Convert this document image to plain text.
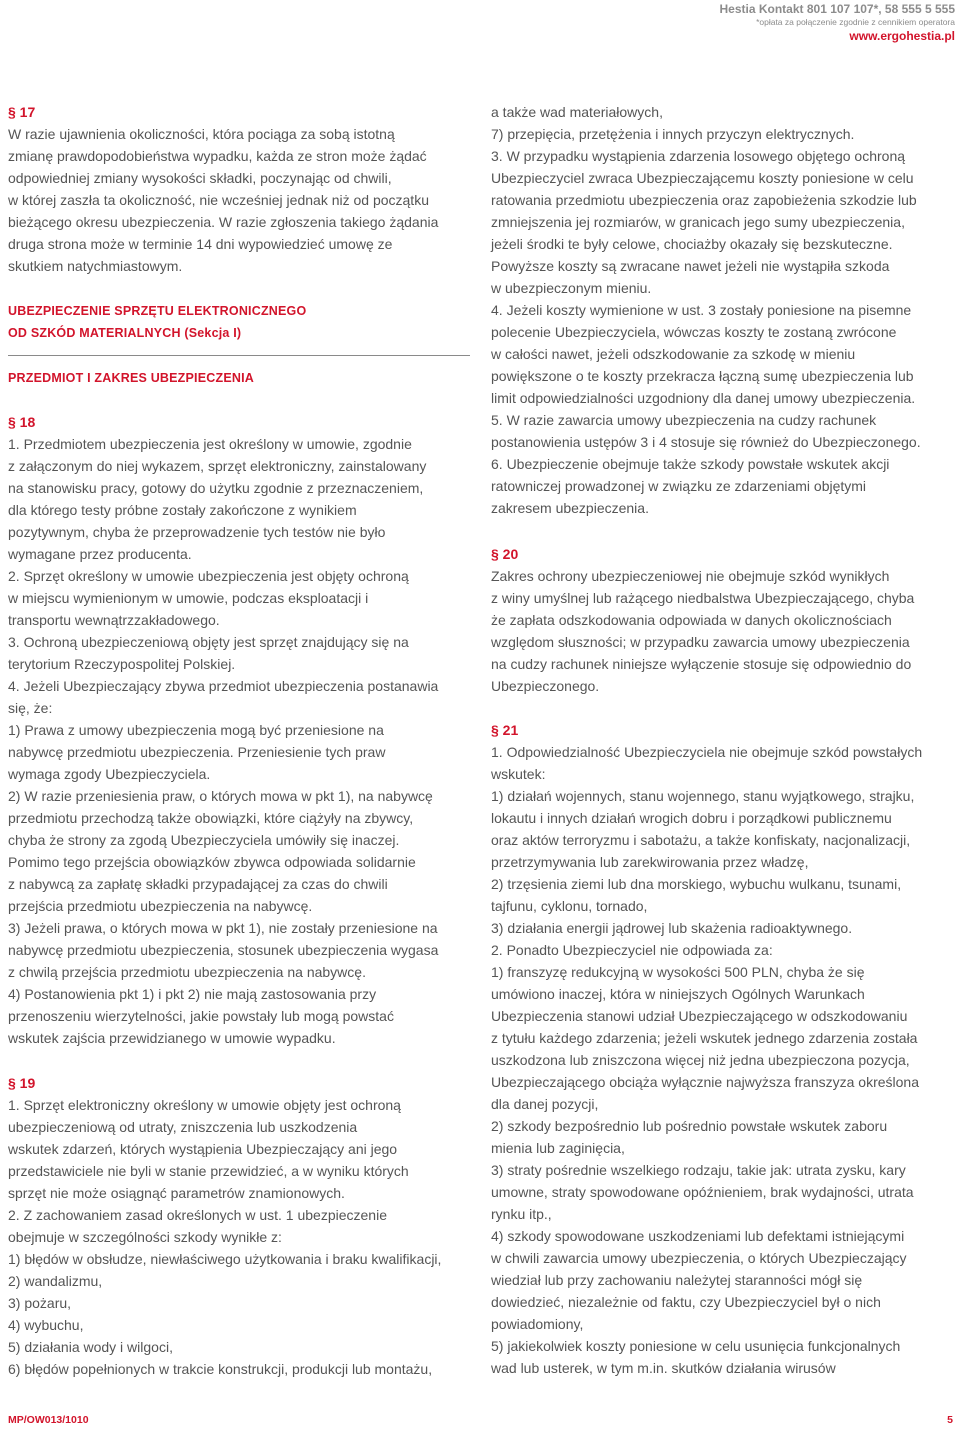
Hestia Kontakt 801 107 107*, 58 555 5 555
*opłata za połączenie zgodnie z cennikiem operatora
www.ergohestia.pl
§ 17
W razie ujawnienia okoliczności, która pociąga za sobą istotną
zmianę prawdopodobieństwa wypadku, każda ze stron może żądać
odpowiedniej zmiany wysokości składki, poczynając od chwili,
w której zaszła ta okoliczność, nie wcześniej jednak niż od początku
bieżącego okresu ubezpieczenia. W razie zgłoszenia takiego żądania
druga strona może w terminie 14 dni wypowiedzieć umowę ze
skutkiem natychmiastowym.
UBEZPIECZENIE SPRZĘTU ELEKTRONICZNEGO
OD SZKÓD MATERIALNYCH (Sekcja I)
PRZEDMIOT I ZAKRES UBEZPIECZENIA
§ 18
1. Przedmiotem ubezpieczenia jest określony w umowie, zgodnie
z załączonym do niej wykazem, sprzęt elektroniczny, zainstalowany
na stanowisku pracy, gotowy do użytku zgodnie z przeznaczeniem,
dla którego testy próbne zostały zakończone z wynikiem
pozytywnym, chyba że przeprowadzenie tych testów nie było
wymagane przez producenta.
2. Sprzęt określony w umowie ubezpieczenia jest objęty ochroną
w miejscu wymienionym w umowie, podczas eksploatacji i
transportu wewnątrzzakładowego.
3. Ochroną ubezpieczeniową objęty jest sprzęt znajdujący się na
terytorium Rzeczypospolitej Polskiej.
4. Jeżeli Ubezpieczający zbywa przedmiot ubezpieczenia postanawia
się, że:
1) Prawa z umowy ubezpieczenia mogą być przeniesione na
nabywcę przedmiotu ubezpieczenia. Przeniesienie tych praw
wymaga zgody Ubezpieczyciela.
2) W razie przeniesienia praw, o których mowa w pkt 1), na nabywcę
przedmiotu przechodzą także obowiązki, które ciążyły na zbywcy,
chyba że strony za zgodą Ubezpieczyciela umówiły się inaczej.
Pomimo tego przejścia obowiązków zbywca odpowiada solidarnie
z nabywcą za zapłatę składki przypadającej za czas do chwili
przejścia przedmiotu ubezpieczenia na nabywcę.
3) Jeżeli prawa, o których mowa w pkt 1), nie zostały przeniesione na
nabywcę przedmiotu ubezpieczenia, stosunek ubezpieczenia wygasa
z chwilą przejścia przedmiotu ubezpieczenia na nabywcę.
4) Postanowienia pkt 1) i pkt 2) nie mają zastosowania przy
przenoszeniu wierzytelności, jakie powstały lub mogą powstać
wskutek zajścia przewidzianego w umowie wypadku.
§ 19
1. Sprzęt elektroniczny określony w umowie objęty jest ochroną
ubezpieczeniową od utraty, zniszczenia lub uszkodzenia
wskutek zdarzeń, których wystąpienia Ubezpieczający ani jego
przedstawiciele nie byli w stanie przewidzieć, a w wyniku których
sprzęt nie może osiągnąć parametrów znamionowych.
2. Z zachowaniem zasad określonych w ust. 1 ubezpieczenie
obejmuje w szczególności szkody wynikłe z:
1) błędów w obsłudze, niewłaściwego użytkowania i braku kwalifikacji,
2) wandalizmu,
3) pożaru,
4) wybuchu,
5) działania wody i wilgoci,
6) błędów popełnionych w trakcie konstrukcji, produkcji lub montażu,
a także wad materiałowych,
7) przepięcia, przetężenia i innych przyczyn elektrycznych.
3. W przypadku wystąpienia zdarzenia losowego objętego ochroną
Ubezpieczyciel zwraca Ubezpieczającemu koszty poniesione w celu
ratowania przedmiotu ubezpieczenia oraz zapobieżenia szkodzie lub
zmniejszenia jej rozmiarów, w granicach jego sumy ubezpieczenia,
jeżeli środki te były celowe, chociażby okazały się bezskuteczne.
Powyższe koszty są zwracane nawet jeżeli nie wystąpiła szkoda
w ubezpieczonym mieniu.
4. Jeżeli koszty wymienione w ust. 3 zostały poniesione na pisemne
polecenie Ubezpieczyciela, wówczas koszty te zostaną zwrócone
w całości nawet, jeżeli odszkodowanie za szkodę w mieniu
powiększone o te koszty przekracza łączną sumę ubezpieczenia lub
limit odpowiedzialności uzgodniony dla danej umowy ubezpieczenia.
5. W razie zawarcia umowy ubezpieczenia na cudzy rachunek
postanowienia ustępów 3 i 4 stosuje się również do Ubezpieczonego.
6. Ubezpieczenie obejmuje także szkody powstałe wskutek akcji
ratowniczej prowadzonej w związku ze zdarzeniami objętymi
zakresem ubezpieczenia.
§ 20
Zakres ochrony ubezpieczeniowej nie obejmuje szkód wynikłych
z winy umyślnej lub rażącego niedbalstwa Ubezpieczającego, chyba
że zapłata odszkodowania odpowiada w danych okolicznościach
względom słuszności; w przypadku zawarcia umowy ubezpieczenia
na cudzy rachunek niniejsze wyłączenie stosuje się odpowiednio do
Ubezpieczonego.
§ 21
1. Odpowiedzialność Ubezpieczyciela nie obejmuje szkód powstałych
wskutek:
1) działań wojennych, stanu wojennego, stanu wyjątkowego, strajku,
lokautu i innych działań wrogich dobru i porządkowi publicznemu
oraz aktów terroryzmu i sabotażu, a także konfiskaty, nacjonalizacji,
przetrzymywania lub zarekwirowania przez władzę,
2) trzęsienia ziemi lub dna morskiego, wybuchu wulkanu, tsunami,
tajfunu, cyklonu, tornado,
3) działania energii jądrowej lub skażenia radioaktywnego.
2. Ponadto Ubezpieczyciel nie odpowiada za:
1) franszyzę redukcyjną w wysokości 500 PLN, chyba że się
umówiono inaczej, która w niniejszych Ogólnych Warunkach
Ubezpieczenia stanowi udział Ubezpieczającego w odszkodowaniu
z tytułu każdego zdarzenia; jeżeli wskutek jednego zdarzenia została
uszkodzona lub zniszczona więcej niż jedna ubezpieczona pozycja,
Ubezpieczającego obciąża wyłącznie najwyższa franszyza określona
dla danej pozycji,
2) szkody bezpośrednio lub pośrednio powstałe wskutek zaboru
mienia lub zaginięcia,
3) straty pośrednie wszelkiego rodzaju, takie jak: utrata zysku, kary
umowne, straty spowodowane opóźnieniem, brak wydajności, utrata
rynku itp.,
4) szkody spowodowane uszkodzeniami lub defektami istniejącymi
w chwili zawarcia umowy ubezpieczenia, o których Ubezpieczający
wiedział lub przy zachowaniu należytej staranności mógł się
dowiedzieć, niezależnie od faktu, czy Ubezpieczyciel był o nich
powiadomiony,
5) jakiekolwiek koszty poniesione w celu usunięcia funkcjonalnych
wad lub usterek, w tym m.in. skutków działania wirusów
MP/OW013/1010	5
